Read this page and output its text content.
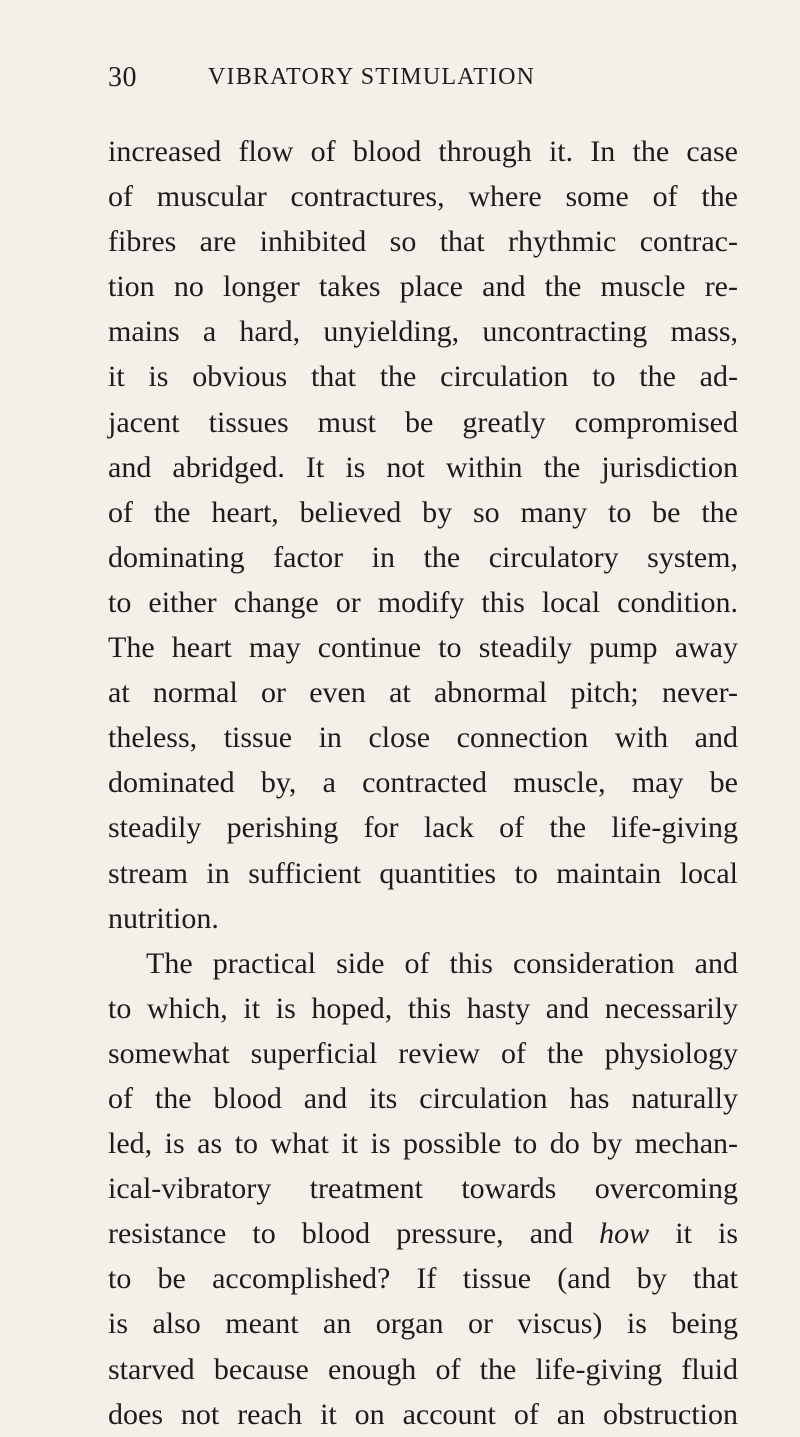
30	VIBRATORY STIMULATION
increased flow of blood through it. In the case
of muscular contractures, where some of the
fibres are inhibited so that rhythmic contrac-
tion no longer takes place and the muscle re-
mains a hard, unyielding, uncontracting mass,
it is obvious that the circulation to the ad-
jacent tissues must be greatly compromised
and abridged. It is not within the jurisdiction
of the heart, believed by so many to be the
dominating factor in the circulatory system,
to either change or modify this local condition.
The heart may continue to steadily pump away
at normal or even at abnormal pitch; never-
theless, tissue in close connection with and
dominated by, a contracted muscle, may be
steadily perishing for lack of the life-giving
stream in sufficient quantities to maintain local
nutrition.
The practical side of this consideration and
to which, it is hoped, this hasty and necessarily
somewhat superficial review of the physiology
of the blood and its circulation has naturally
led, is as to what it is possible to do by mechan-
ical-vibratory treatment towards overcoming
resistance to blood pressure, and how it is
to be accomplished? If tissue (and by that
is also meant an organ or viscus) is being
starved because enough of the life-giving fluid
does not reach it on account of an obstruction
